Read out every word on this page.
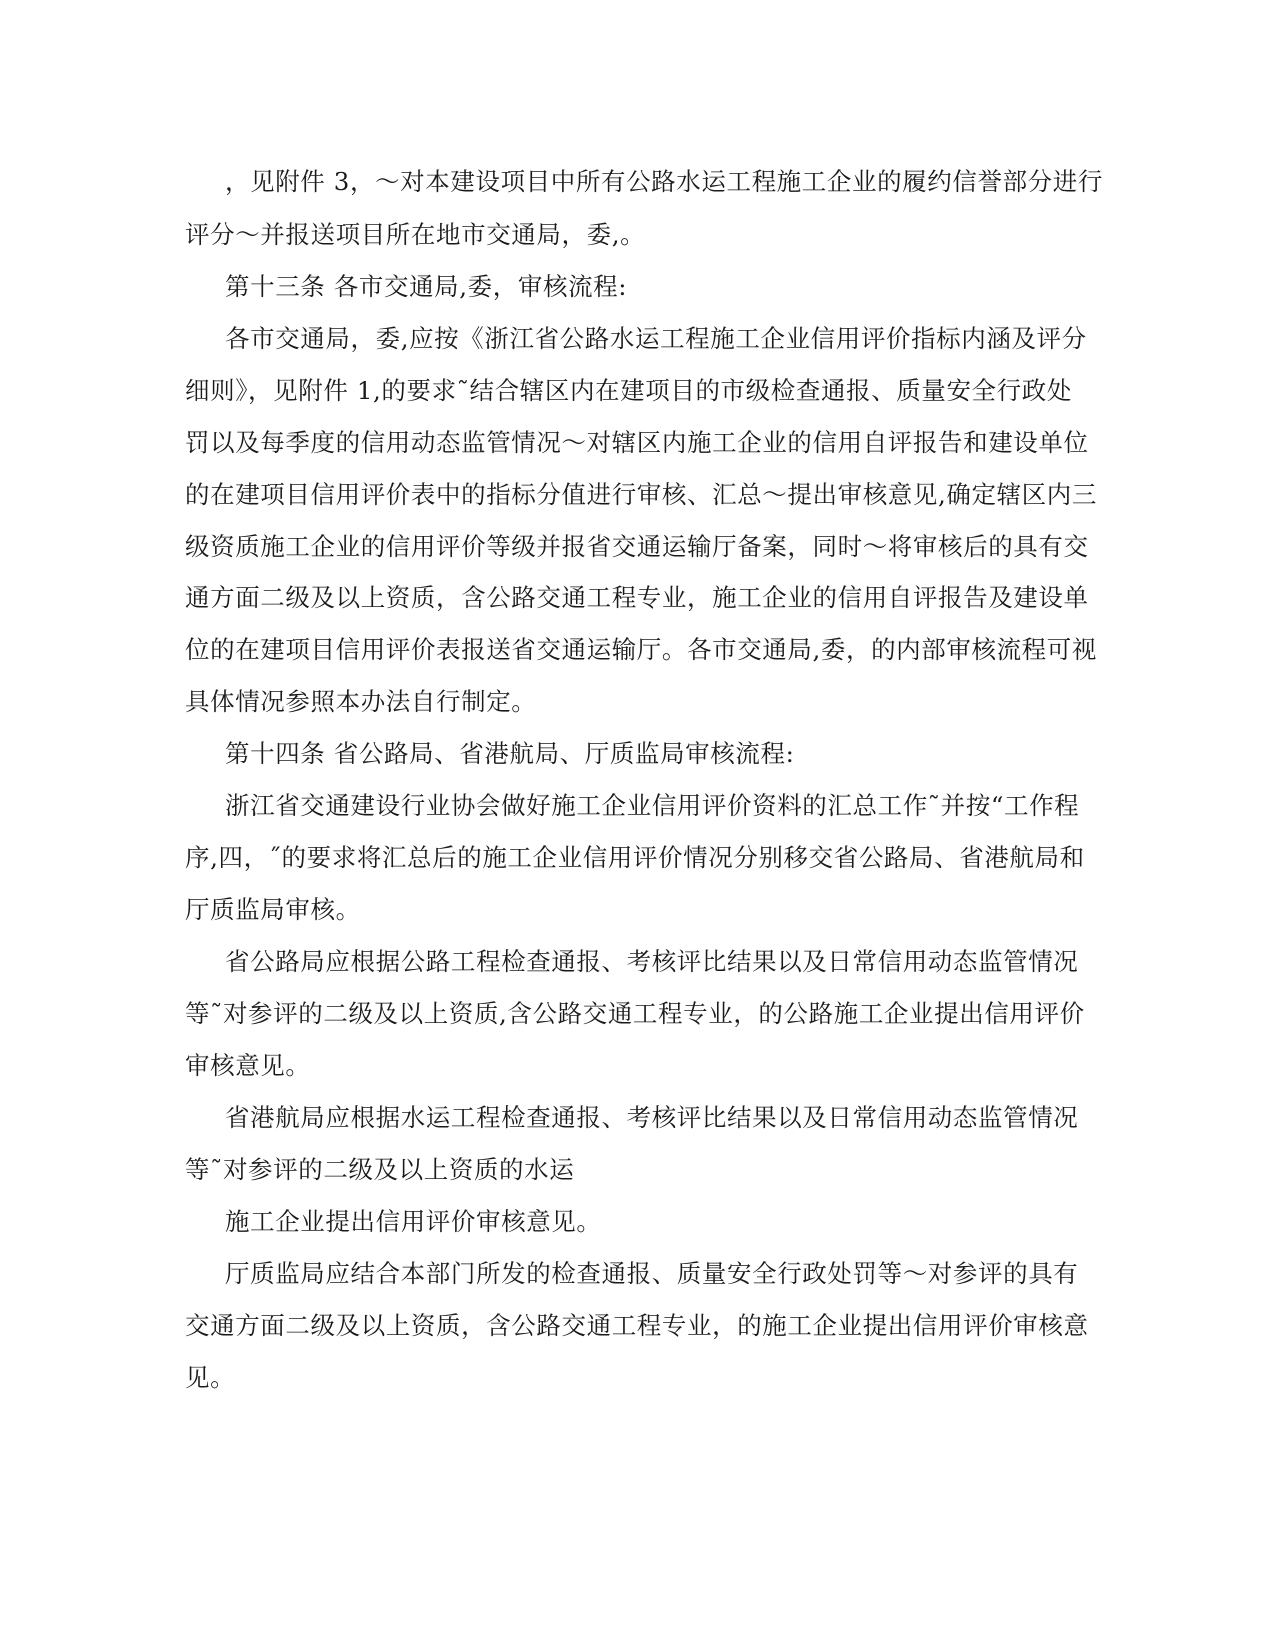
，见附件 3，～对本建设项目中所有公路水运工程施工企业的履约信誉部分进行

评分～并报送项目所在地市交通局，委,。

第十三条 各市交通局,委，审核流程:

各市交通局，委,应按《浙江省公路水运工程施工企业信用评价指标内涵及评分

细则》，见附件 1,的要求˜结合辖区内在建项目的市级检查通报、质量安全行政处

罚以及每季度的信用动态监管情况～对辖区内施工企业的信用自评报告和建设单位

的在建项目信用评价表中的指标分值进行审核、汇总～提出审核意见,确定辖区内三

级资质施工企业的信用评价等级并报省交通运输厅备案，同时～将审核后的具有交

通方面二级及以上资质，含公路交通工程专业，施工企业的信用自评报告及建设单

位的在建项目信用评价表报送省交通运输厅。各市交通局,委，的内部审核流程可视

具体情况参照本办法自行制定。

第十四条 省公路局、省港航局、厅质监局审核流程:

浙江省交通建设行业协会做好施工企业信用评价资料的汇总工作˜并按“工作程

序,四，˝的要求将汇总后的施工企业信用评价情况分别移交省公路局、省港航局和

厅质监局审核。

省公路局应根据公路工程检查通报、考核评比结果以及日常信用动态监管情况

等˜对参评的二级及以上资质,含公路交通工程专业，的公路施工企业提出信用评价

审核意见。

省港航局应根据水运工程检查通报、考核评比结果以及日常信用动态监管情况

等˜对参评的二级及以上资质的水运

施工企业提出信用评价审核意见。

厅质监局应结合本部门所发的检查通报、质量安全行政处罚等～对参评的具有

交通方面二级及以上资质，含公路交通工程专业，的施工企业提出信用评价审核意

见。
